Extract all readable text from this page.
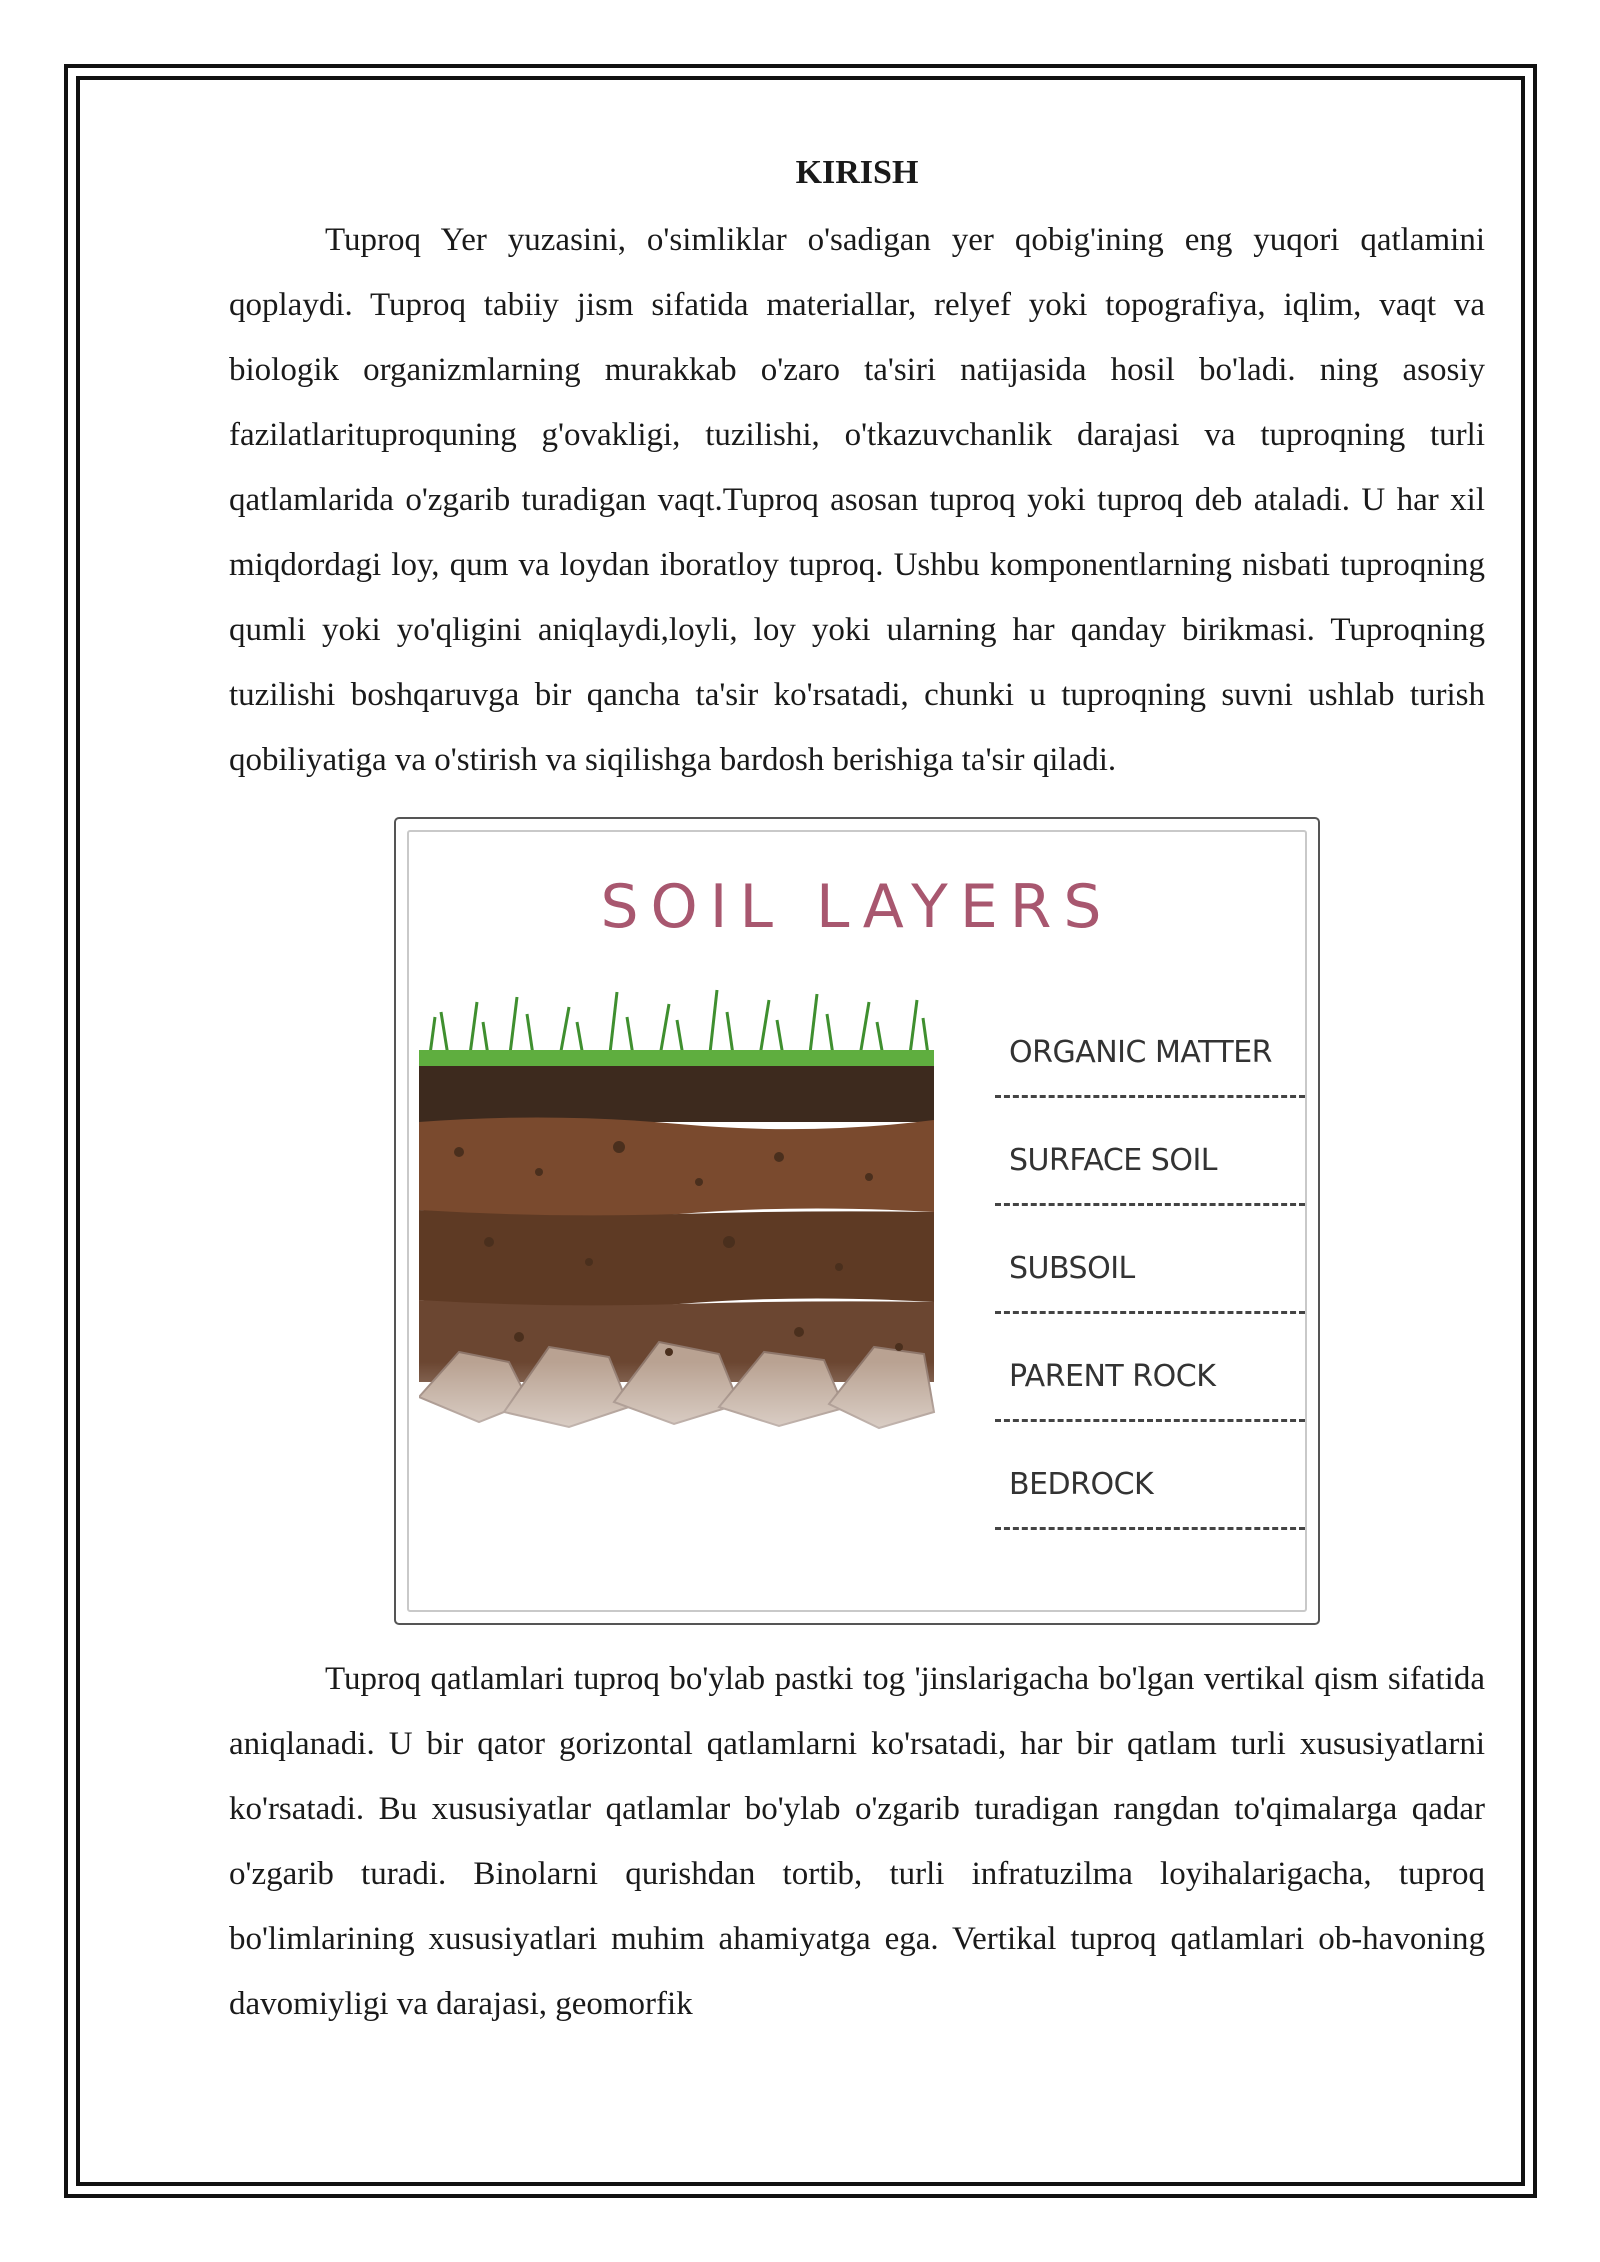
KIRISH

Tuproq Yer yuzasini, o'simliklar o'sadigan yer qobig'ining eng yuqori qatlamini qoplaydi. Tuproq tabiiy jism sifatida materiallar, relyef yoki topografiya, iqlim, vaqt va biologik organizmlarning murakkab o'zaro ta'siri natijasida hosil bo'ladi. ning asosiy fazilatlarituproquning g'ovakligi, tuzilishi, o'tkazuvchanlik darajasi va tuproqning turli qatlamlarida o'zgarib turadigan vaqt.Tuproq asosan tuproq yoki tuproq deb ataladi. U har xil miqdordagi loy, qum va loydan iboratloy tuproq. Ushbu komponentlarning nisbati tuproqning qumli yoki yo'qligini aniqlaydi,loyli, loy yoki ularning har qanday birikmasi. Tuproqning tuzilishi boshqaruvga bir qancha ta'sir ko'rsatadi, chunki u tuproqning suvni ushlab turish qobiliyatiga va o'stirish va siqilishga bardosh berishiga ta'sir qiladi.

SOIL LAYERS
ORGANIC MATTER
SURFACE SOIL
SUBSOIL
PARENT ROCK
BEDROCK

Tuproq qatlamlari tuproq bo'ylab pastki tog 'jinslarigacha bo'lgan vertikal qism sifatida aniqlanadi. U bir qator gorizontal qatlamlarni ko'rsatadi, har bir qatlam turli xususiyatlarni ko'rsatadi. Bu xususiyatlar qatlamlar bo'ylab o'zgarib turadigan rangdan to'qimalarga qadar o'zgarib turadi. Binolarni qurishdan tortib, turli infratuzilma loyihalarigacha, tuproq bo'limlarining xususiyatlari muhim ahamiyatga ega. Vertikal tuproq qatlamlari ob-havoning davomiyligi va darajasi, geomorfik
